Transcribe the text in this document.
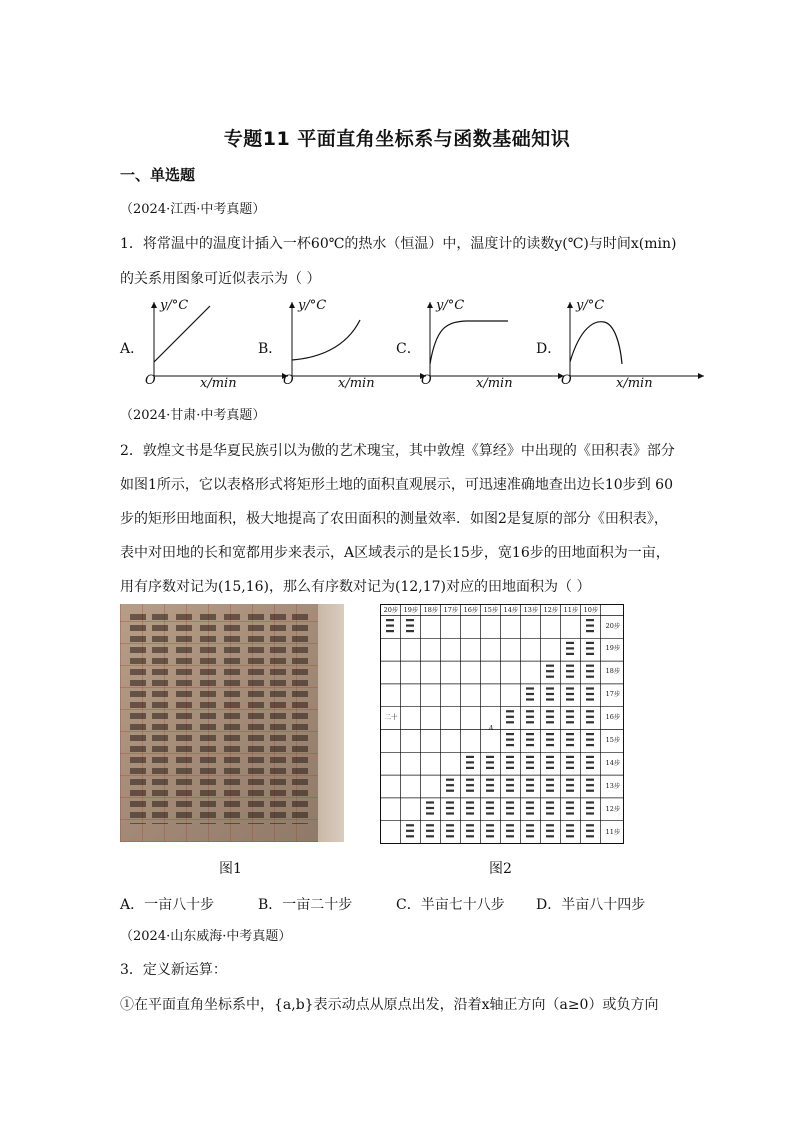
专题11 平面直角坐标系与函数基础知识
一、单选题
（2024·江西·中考真题）
1．将常温中的温度计插入一杯60℃的热水（恒温）中，温度计的读数y(℃)与时间x(min)
的关系用图象可近似表示为（ ）
A．
y/°C
x/min
O
B．
y/°C
x/min
O
C．
y/°C
x/min
O
D．
y/°C
x/min
O
（2024·甘肃·中考真题）
2．敦煌文书是华夏民族引以为傲的艺术瑰宝，其中敦煌《算经》中出现的《田积表》部分
如图1所示，它以表格形式将矩形土地的面积直观展示，可迅速准确地查出边长10步到 60
步的矩形田地面积，极大地提高了农田面积的测量效率．如图2是复原的部分《田积表》，
表中对田地的长和宽都用步来表示，A区域表示的是长15步，宽16步的田地面积为一亩，
用有序数对记为(15,16)，那么有序数对记为(12,17)对应的田地面积为（ ）
图1
20步 19步 18步 17步 16步 15步 14步 13步 12步 11步 10步
20步
19步
18步
17步
16步
15步
14步
13步
12步
11步
A
二十
图2
A．一亩八十步	B．一亩二十步	C．半亩七十八步 D．半亩八十四步
（2024·山东威海·中考真题）
3．定义新运算：
①在平面直角坐标系中，{a,b}表示动点从原点出发，沿着x轴正方向（a≥0）或负方向
